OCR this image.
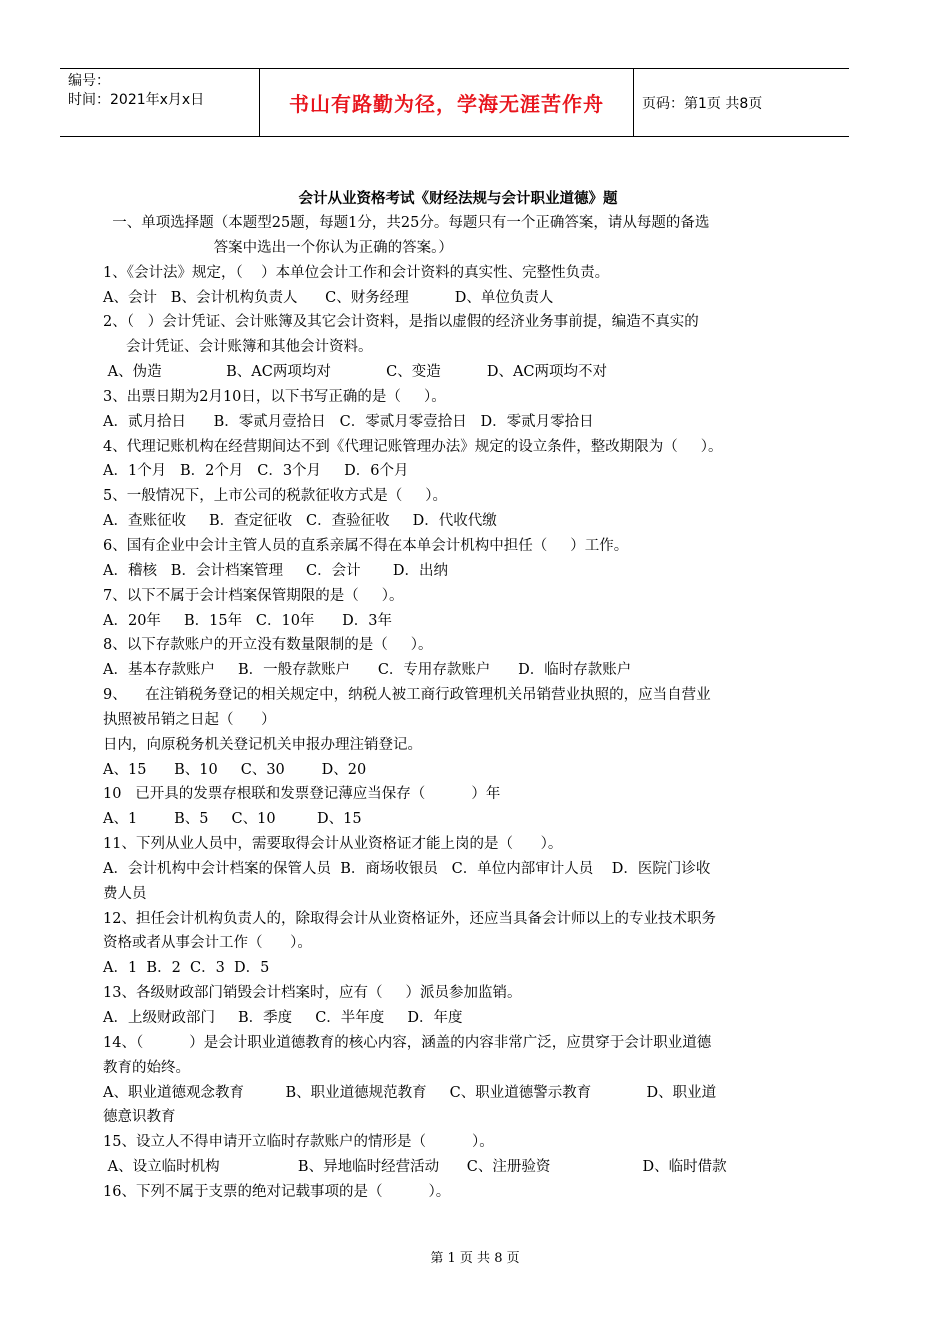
编号：
时间：2021年x月x日	书山有路勤为径，学海无涯苦作舟	页码：第1页 共8页
会计从业资格考试《财经法规与会计职业道德》题
一、单项选择题（本题型25题，每题1分，共25分。每题只有一个正确答案，请从每题的备选
答案中选出一个你认为正确的答案。）
1、《会计法》规定，（    ）本单位会计工作和会计资料的真实性、完整性负责。
A、会计   B、会计机构负责人      C、财务经理          D、单位负责人
2、（   ）会计凭证、会计账簿及其它会计资料，是指以虚假的经济业务事前提，编造不真实的
会计凭证、会计账簿和其他会计资料。
A、伪造              B、AC两项均对            C、变造          D、AC两项均不对
3、出票日期为2月10日，以下书写正确的是（     ）。
A．贰月拾日      B．零贰月壹拾日   C．零贰月零壹拾日   D．零贰月零拾日
4、代理记账机构在经营期间达不到《代理记账管理办法》规定的设立条件，整改期限为（     ）。
A．1个月   B．2个月   C．3个月     D．6个月
5、一般情况下，上市公司的税款征收方式是（     ）。
A．查账征收     B．查定征收   C．查验征收     D．代收代缴
6、国有企业中会计主管人员的直系亲属不得在本单会计机构中担任（     ）工作。
A．稽核   B．会计档案管理     C．会计       D．出纳
7、以下不属于会计档案保管期限的是（     ）。
A．20年     B．15年   C．10年      D．3年
8、以下存款账户的开立没有数量限制的是（     ）。
A．基本存款账户     B．一般存款账户      C．专用存款账户      D．临时存款账户
9、    在注销税务登记的相关规定中，纳税人被工商行政管理机关吊销营业执照的，应当自营业
执照被吊销之日起（      ）
日内，向原税务机关登记机关申报办理注销登记。
A、15      B、10     C、30        D、20
10   已开具的发票存根联和发票登记薄应当保存（          ）年
A、1        B、5     C、10         D、15
11、下列从业人员中，需要取得会计从业资格证才能上岗的是（      ）。
A．会计机构中会计档案的保管人员  B．商场收银员   C．单位内部审计人员    D．医院门诊收
费人员
12、担任会计机构负责人的，除取得会计从业资格证外，还应当具备会计师以上的专业技术职务
资格或者从事会计工作（      ）。
A．1  B．2  C．3  D．5
13、各级财政部门销毁会计档案时，应有（     ）派员参加监销。
A．上级财政部门     B．季度     C．半年度     D．年度
14、（          ）是会计职业道德教育的核心内容，涵盖的内容非常广泛，应贯穿于会计职业道德
教育的始终。
A、职业道德观念教育         B、职业道德规范教育     C、职业道德警示教育            D、职业道
德意识教育
15、设立人不得申请开立临时存款账户的情形是（          ）。
A、设立临时机构                 B、异地临时经营活动      C、注册验资                    D、临时借款
16、下列不属于支票的绝对记载事项的是（          ）。
第 1 页 共 8 页
